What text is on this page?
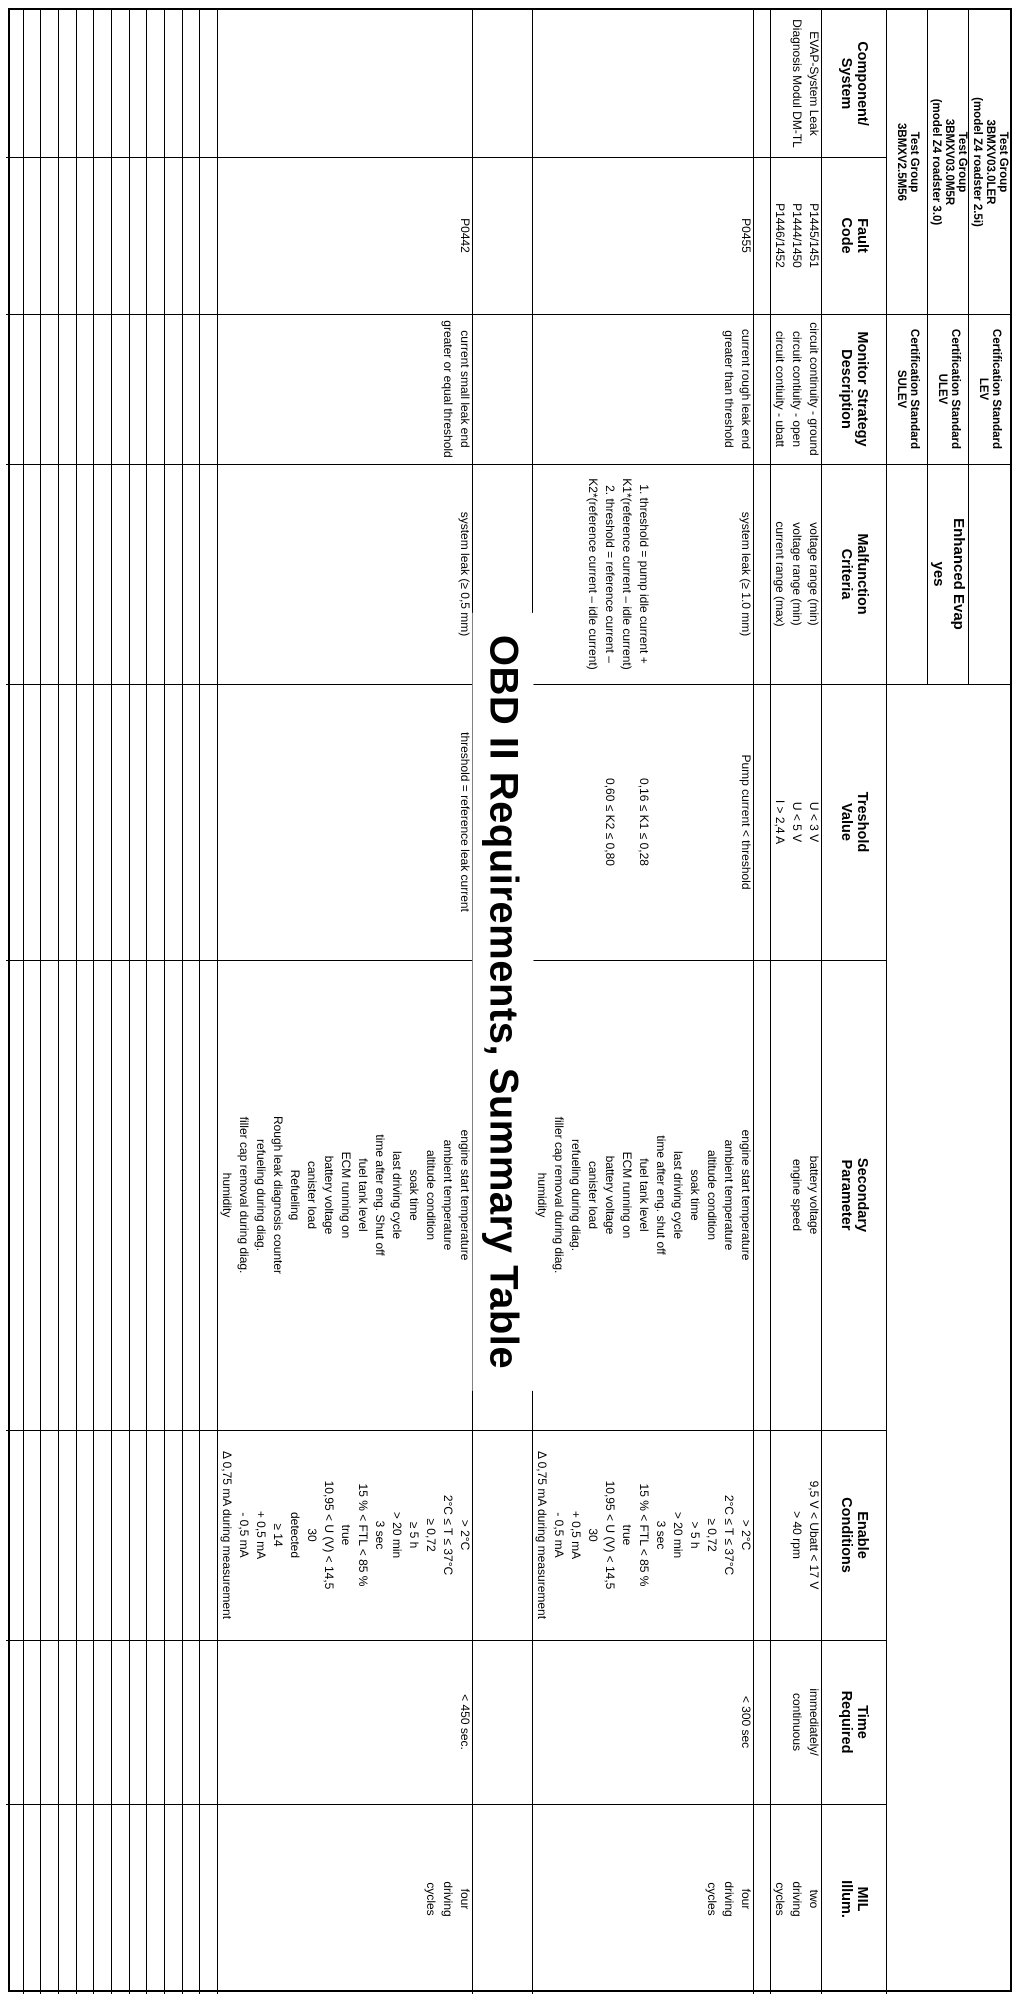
Test Group
3BMXV03.0LER
(model Z4 roadster 2.5i)
Certification Standard
LEV
Test Group
3BMXV03.0M5R
(model Z4 roadster 3.0)
Certification Standard
ULEV
Test Group
3BMXV2.5M56
Certification Standard
SULEV
Enhanced Evap
yes
OBD II Requirements, Summary Table
Component/
System
Fault
Code
Monitor Strategy
Description
Malfunction
Criteria
Treshold
Value
Secondary
Parameter
Enable
Conditions
Time
Required
MIL
Illum.
EVAP-System Leak
Diagnosis Modul DM-TL
P1445/1451
P1444/1450
P1446/1452
circuit continuity - ground
circuit contiuity - open
circuit contiuity - ubatt
voltage range (min)
voltage range (min)
current range (max)
U < 3 V
U < 5 V
I > 2,4 A
battery voltage
engine speed
9,5 V < Ubatt < 17 V
> 40 rpm
immediately/
continuous
two
driving
cycles
P0455
current rough leak end
greater than threshold
system leak (≥ 1.0 mm)
1. threshold = pump idle current +
K1*(reference current – idle current)
2. threshold = reference current –
K2*(reference current – idle current)
Pump current < threshold
0,16 ≤ K1 ≤ 0,28
0,60 ≤ K2 ≤ 0,80
engine start temperature
ambient temperature
altitude condition
soak time
last driving cycle
time after eng. shut off
fuel tank level
ECM running on
battery voltage
canister load
refueling during diag.
filler cap removal during diag.
humidity
> 2°C
2°C ≤ T ≤ 37°C
≥ 0,72
> 5 h
> 20 min
3 sec
15 % < FTL < 85 %
true
10,95 < U (V) < 14,5
30
+ 0,5 mA
- 0,5 mA
Δ 0,75 mA during measurement
< 300 sec
four
driving
cycles
P0442
current small leak end
greater or equal threshold
system leak (≥ 0,5 mm)
threshold = reference leak current
engine start temperature
ambient temperature
altitude condition
soak time
last driving cycle
time after eng. Shut off
fuel tank level
ECM running on
battery voltage
canister load
Refueling
Rough leak diagnosis counter
refueling during diag.
filler cap removal during diag.
humidity
> 2°C
2°C ≤ T ≤ 37°C
≥ 0,72
≥ 5 h
> 20 min
3 sec
15 % < FTL < 85 %
true
10,95 < U (V) < 14,5
30
detected
≥ 14
+ 0,5 mA
- 0,5 mA
Δ 0,75 mA during measurement
< 450 sec.
four
driving
cycles
